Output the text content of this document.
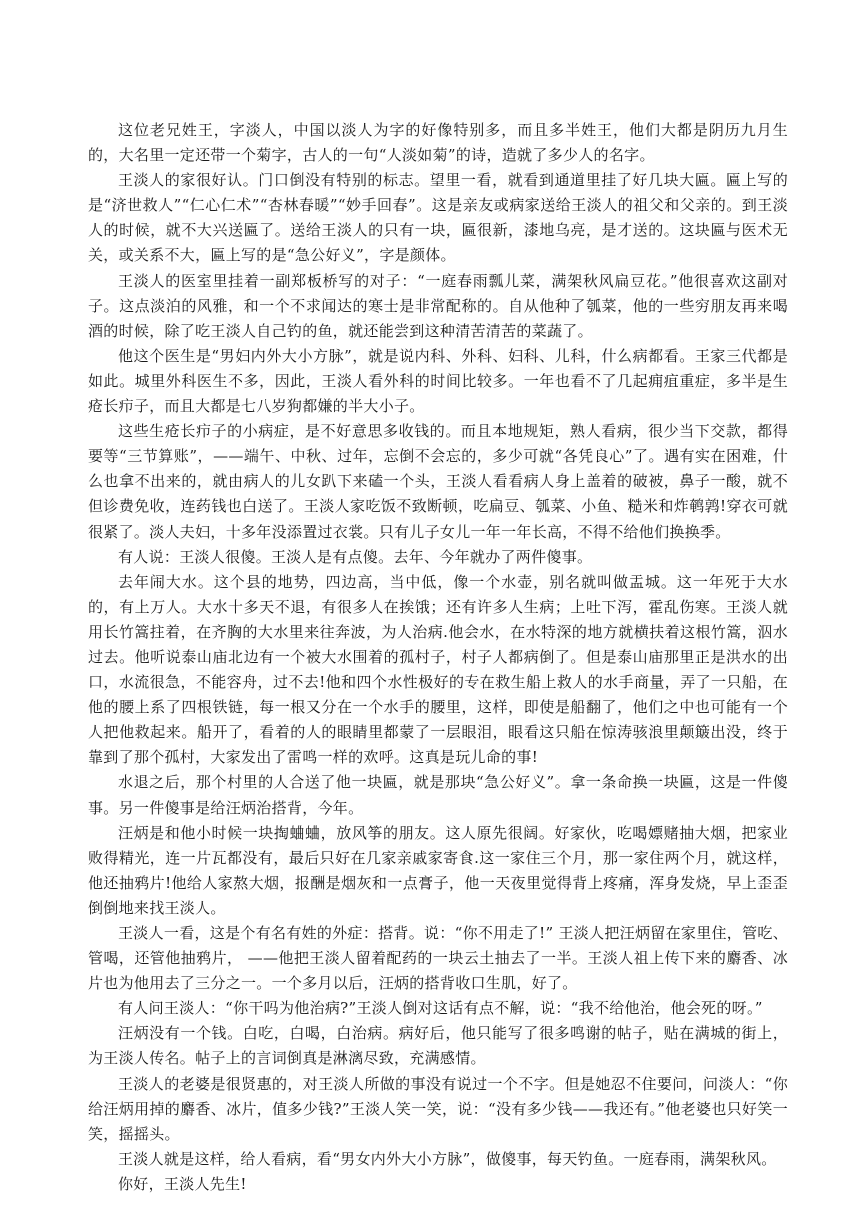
这位老兄姓王，字淡人，中国以淡人为字的好像特别多，而且多半姓王，他们大都是阴历九月生的，大名里一定还带一个菊字，古人的一句“人淡如菊”的诗，造就了多少人的名字。

王淡人的家很好认。门口倒没有特别的标志。望里一看，就看到通道里挂了好几块大匾。匾上写的是“济世救人”“仁心仁术”“杏林春暖”“妙手回春”。这是亲友或病家送给王淡人的祖父和父亲的。到王淡人的时候，就不大兴送匾了。送给王淡人的只有一块，匾很新，漆地乌亮，是才送的。这块匾与医术无关，或关系不大，匾上写的是“急公好义”，字是颜体。

王淡人的医室里挂着一副郑板桥写的对子：“一庭春雨瓢儿菜，满架秋风扁豆花。”他很喜欢这副对子。这点淡泊的风雅，和一个不求闻达的寒士是非常配称的。自从他种了瓠菜，他的一些穷朋友再来喝酒的时候，除了吃王淡人自己钓的鱼，就还能尝到这种清苦清苦的菜蔬了。

他这个医生是“男妇内外大小方脉”，就是说内科、外科、妇科、儿科，什么病都看。王家三代都是如此。城里外科医生不多，因此，王淡人看外科的时间比较多。一年也看不了几起痈疽重症，多半是生疮长疖子，而且大都是七八岁狗都嫌的半大小子。

这些生疮长疖子的小病症，是不好意思多收钱的。而且本地规矩，熟人看病，很少当下交款，都得要等“三节算账”，——端午、中秋、过年，忘倒不会忘的，多少可就“各凭良心”了。遇有实在困难，什么也拿不出来的，就由病人的儿女趴下来磕一个头，王淡人看看病人身上盖着的破被，鼻子一酸，就不但诊费免收，连药钱也白送了。王淡人家吃饭不致断顿，吃扁豆、瓠菜、小鱼、糙米和炸鹌鹑!穿衣可就很紧了。淡人夫妇，十多年没添置过衣裳。只有儿子女儿一年一年长高，不得不给他们换换季。

有人说：王淡人很傻。王淡人是有点傻。去年、今年就办了两件傻事。

去年闹大水。这个县的地势，四边高，当中低，像一个水壶，别名就叫做盂城。这一年死于大水的，有上万人。大水十多天不退，有很多人在挨饿；还有许多人生病；上吐下泻，霍乱伤寒。王淡人就用长竹篙拄着，在齐胸的大水里来往奔波，为人治病.他会水，在水特深的地方就横扶着这根竹篙，泅水过去。他听说泰山庙北边有一个被大水围着的孤村子，村子人都病倒了。但是泰山庙那里正是洪水的出口，水流很急，不能容舟，过不去!他和四个水性极好的专在救生船上救人的水手商量，弄了一只船，在他的腰上系了四根铁链，每一根又分在一个水手的腰里，这样，即使是船翻了，他们之中也可能有一个人把他救起来。船开了，看着的人的眼睛里都蒙了一层眼泪，眼看这只船在惊涛骇浪里颠簸出没，终于靠到了那个孤村，大家发出了雷鸣一样的欢呼。这真是玩儿命的事!

水退之后，那个村里的人合送了他一块匾，就是那块“急公好义”。拿一条命换一块匾，这是一件傻事。另一件傻事是给汪炳治搭背，今年。

汪炳是和他小时候一块掏蛐蛐，放风筝的朋友。这人原先很阔。好家伙，吃喝嫖赌抽大烟，把家业败得精光，连一片瓦都没有，最后只好在几家亲戚家寄食.这一家住三个月，那一家住两个月，就这样，他还抽鸦片!他给人家熬大烟，报酬是烟灰和一点膏子，他一天夜里觉得背上疼痛，浑身发烧，早上歪歪倒倒地来找王淡人。

王淡人一看，这是个有名有姓的外症：搭背。说：“你不用走了!” 王淡人把汪炳留在家里住，管吃、管喝，还管他抽鸦片， ——他把王淡人留着配药的一块云土抽去了一半。王淡人祖上传下来的麝香、冰片也为他用去了三分之一。一个多月以后，汪炳的搭背收口生肌，好了。

有人问王淡人：“你干吗为他治病?”王淡人倒对这话有点不解，说：“我不给他治，他会死的呀。”

汪炳没有一个钱。白吃，白喝，白治病。病好后，他只能写了很多鸣谢的帖子，贴在满城的街上，为王淡人传名。帖子上的言词倒真是淋漓尽致，充满感情。

王淡人的老婆是很贤惠的，对王淡人所做的事没有说过一个不字。但是她忍不住要问，问淡人：“你给汪炳用掉的麝香、冰片，值多少钱?”王淡人笑一笑，说：“没有多少钱——我还有。”他老婆也只好笑一笑，摇摇头。

王淡人就是这样，给人看病，看“男女内外大小方脉”，做傻事，每天钓鱼。一庭春雨，满架秋风。

你好，王淡人先生!
